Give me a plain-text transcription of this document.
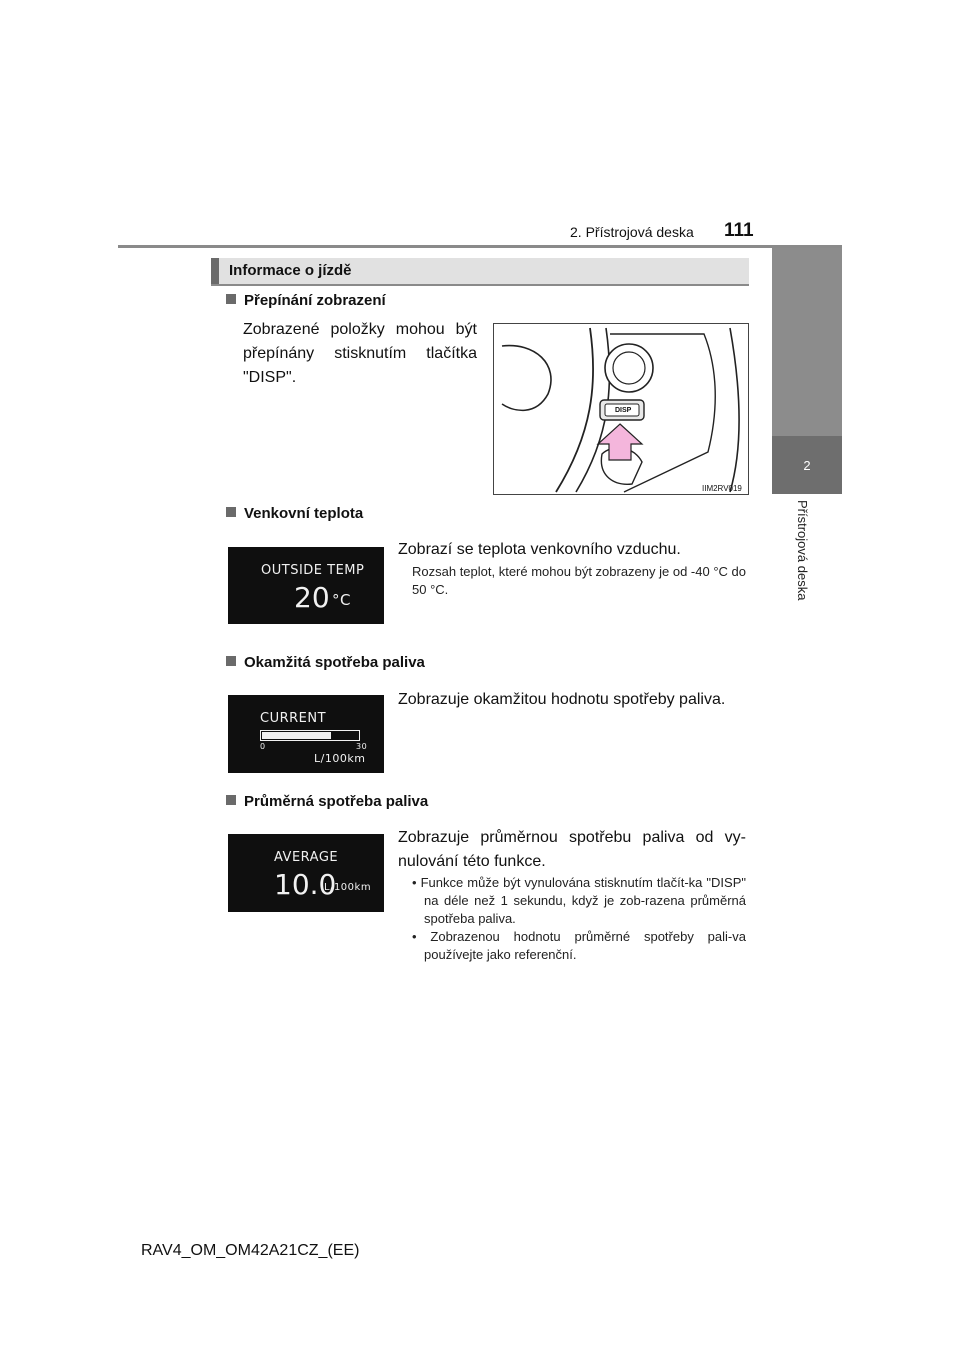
2. Přístrojová deska 111
2
Přístrojová deska
Informace o jízdě
Přepínání zobrazení
Zobrazené položky mohou být přepínány stisknutím tlačítka "DISP".
DISP
IIM2RV019
Venkovní teplota
OUTSIDE TEMP
20 °C
Zobrazí se teplota venkovního vzduchu.
Rozsah teplot, které mohou být zobrazeny je od -40 °C do 50 °C.
Okamžitá spotřeba paliva
CURRENT
0	30
L/100km
Zobrazuje okamžitou hodnotu spotřeby paliva.
Průměrná spotřeba paliva
AVERAGE
10.0
L/100km
Zobrazuje průměrnou spotřebu paliva od vy-nulování této funkce.

• Funkce může být vynulována stisknutím tlačít-ka "DISP" na déle než 1 sekundu, když je zob-razena průměrná spotřeba paliva.

• Zobrazenou hodnotu průměrné spotřeby pali-va používejte jako referenční.

RAV4_OM_OM42A21CZ_(EE)
